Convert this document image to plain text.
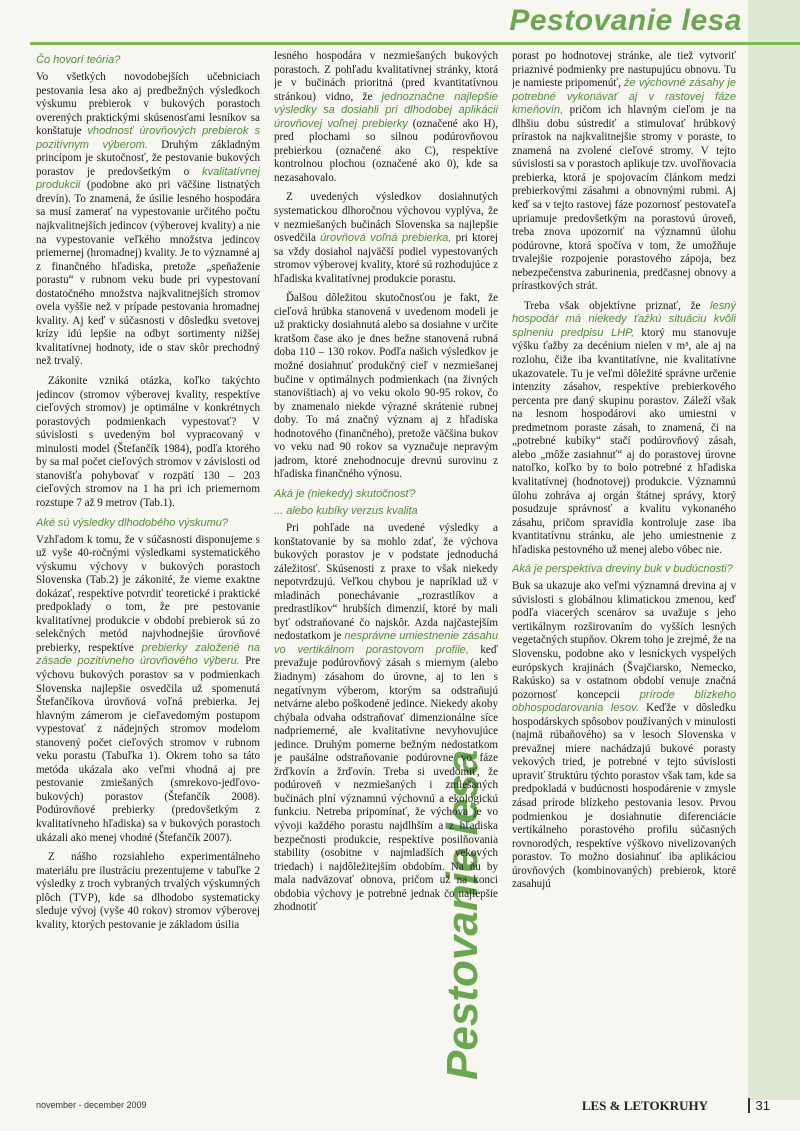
Pestovanie lesa
Pestovanie lesa
Čo hovorí teória?

Vo všetkých novodobejších učebniciach pestovania lesa ako aj predbežných výsledkoch výskumu prebierok v bukových porastoch overených praktickými skúsenosťami lesníkov sa konštatuje vhodnosť úrovňových prebierok s pozitívnym výberom. Druhým základným princípom je skutočnosť, že pestovanie bukových porastov je predovšetkým o kvalitatívnej produkcii (podobne ako pri väčšine listnatých drevín). To znamená, že úsilie lesného hospodára sa musí zamerať na vypestovanie určitého počtu najkvalitnejších jedincov (výberovej kvality) a nie na vypestovanie veľkého množstva jedincov priemernej (hromadnej) kvality. Je to významné aj z finančného hľadiska, pretože „speňaženie porastu“ v rubnom veku bude pri vypestovaní dostatočného množstva najkvalitnejších stromov ovela vyššie než v prípade pestovania hromadnej kvality. Aj keď v súčasnosti v dôsledku svetovej krízy idú lepšie na odbyt sortimenty nižšej kvalitatívnej hodnoty, ide o stav skôr prechodný než trvalý.

Zákonite vzniká otázka, koľko takýchto jedincov (stromov výberovej kvality, respektíve cieľových stromov) je optimálne v konkrétnych porastových podmienkach vypestovať? V súvislosti s uvedeným bol vypracovaný v minulosti model (Štefančík 1984), podľa ktorého by sa mal počet cieľových stromov v závislosti od stanovišťa pohybovať v rozpätí 130 – 203 cieľových stromov na 1 ha pri ich priemernom rozstupe 7 až 9 metrov (Tab.1).

Aké sú výsledky dlhodobého výskumu?

Vzhľadom k tomu, že v súčasnosti disponujeme s už vyše 40-ročnými výsledkami systematického výskumu výchovy v bukových porastoch Slovenska (Tab.2) je zákonité, že vieme exaktne dokázať, respektíve potvrdiť teoretické i praktické predpoklady o tom, že pre pestovanie kvalitatívnej produkcie v období prebierok sú zo selekčných metód najvhodnejšie úrovňové prebierky, respektíve prebierky založené na zásade pozitívneho úrovňového výberu. Pre výchovu bukových porastov sa v podmienkach Slovenska najlepšie osvedčila už spomenutá Štefančíkova úrovňová voľná prebierka. Jej hlavným zámerom je cieľavedomým postupom vypestovať z nádejných stromov modelom stanovený počet cieľových stromov v rubnom veku porastu (Tabuľka 1). Okrem toho sa táto metóda ukázala ako veľmi vhodná aj pre pestovanie zmiešaných (smrekovo-jedľovo-bukových) porastov (Štefančík 2008). Podúrovňové prebierky (predovšetkým z kvalitatívneho hľadiska) sa v bukových porastoch ukázali ako menej vhodné (Štefančík 2007).

Z nášho rozsiahleho experimentálneho materiálu pre ilustráciu prezentujeme v tabuľke 2 výsledky z troch vybraných trvalých výskumných plôch (TVP), kde sa dlhodobo systematicky sleduje vývoj (vyše 40 rokov) stromov výberovej kvality, ktorých pestovanie je základom úsilia

lesného hospodára v nezmiešaných bukových porastoch. Z pohľadu kvalitatívnej stránky, ktorá je v bučinách prioritná (pred kvantitatívnou stránkou) vidno, že jednoznačne najlepšie výsledky sa dosiahli pri dlhodobej aplikácii úrovňovej voľnej prebierky (označené ako H), pred plochami so silnou podúrovňovou prebierkou (označené ako C), respektíve kontrolnou plochou (označené ako 0), kde sa nezasahovalo.

Z uvedených výsledkov dosiahnutých systematickou dlhoročnou výchovou vyplýva, že v nezmiešaných bučinách Slovenska sa najlepšie osvedčila úrovňová voľná prebierka, pri ktorej sa vždy dosiahol najväčší podiel vypestovaných stromov výberovej kvality, ktoré sú rozhodujúce z hľadiska kvalitatívnej produkcie porastu.

Ďalšou dôležitou skutočnosťou je fakt, že cieľová hrúbka stanovená v uvedenom modeli je už prakticky dosiahnutá alebo sa dosiahne v určite kratšom čase ako je dnes bežne stanovená rubná doba 110 – 130 rokov. Podľa našich výsledkov je možné dosiahnuť produkčný cieľ v nezmiešanej bučine v optimálnych podmienkach (na živných stanovištiach) aj vo veku okolo 90-95 rokov, čo by znamenalo niekde výrazné skrátenie rubnej doby. To má značný význam aj z hľadiska hodnotového (finančného), pretože väčšina bukov vo veku nad 90 rokov sa vyznačuje nepravým jadrom, ktoré znehodnocuje drevnú surovinu z hľadiska finančného výnosu.

Aká je (niekedy) skutočnosť?
... alebo kubíky verzus kvalita

Pri pohľade na uvedené výsledky a konštatovanie by sa mohlo zdať, že výchova bukových porastov je v podstate jednoduchá záležitosť. Skúsenosti z praxe to však niekedy nepotvrdzujú. Veľkou chybou je napríklad už v mladinách ponechávanie „rozrastlíkov a predrastlíkov“ hrubších dimenzií, ktoré by mali byť odstraňované čo najskôr. Azda najčastejším nedostatkom je nesprávne umiestnenie zásahu vo vertikálnom porastovom profile, keď prevažuje podúrovňový zásah s miernym (alebo žiadnym) zásahom do úrovne, aj to len s negatívnym výberom, ktorým sa odstraňujú netvárne alebo poškodené jedince. Niekedy akoby chýbala odvaha odstraňovať dimenzionálne síce nadpriemerné, ale kvalitatívne nevyhovujúce jedince. Druhým pomerne bežným nedostatkom je paušálne odstraňovanie podúrovne vo fáze žrďkovín a žrďovín. Treba si uvedomiť, že podúroveň v nezmiešaných i zmiešaných bučinách plní významnú výchovnú a ekologickú funkciu. Netreba pripomínať, že výchova je vo vývoji každého porastu najdlhším a z hľadiska bezpečnosti produkcie, respektíve posilňovania stability (osobitne v najmladších vekových triedach) i najdôležitejším obdobím. Na ňu by mala nadväzovať obnova, pričom už na konci obdobia výchovy je potrebné jednak čo najlepšie zhodnotiť

porast po hodnotovej stránke, ale tiež vytvoriť priaznivé podmienky pre nastupujúcu obnovu. Tu je namieste pripomenúť, že výchovné zásahy je potrebné vykonávať aj v rastovej fáze kmeňovín, pričom ich hlavným cieľom je na dlhšiu dobu sústrediť a stimulovať hrúbkový prírastok na najkvalitnejšie stromy v poraste, to znamená na zvolené cieľové stromy. V tejto súvislosti sa v porastoch aplikuje tzv. uvoľňovacia prebierka, ktorá je spojovacím článkom medzi prebierkovými zásahmi a obnovnými rubmi. Aj keď sa v tejto rastovej fáze pozornosť pestovateľa upriamuje predovšetkým na porastovú úroveň, treba znova upozorniť na významnú úlohu podúrovne, ktorá spočíva v tom, že umožňuje trvalejšie rozpojenie porastového zápoja, bez nebezpečenstva zaburinenia, predčasnej obnovy a prírastkových strát.

Treba však objektívne priznať, že lesný hospodár má niekedy ťažkú situáciu kvôli splneniu predpisu LHP, ktorý mu stanovuje výšku ťažby za decénium nielen v m³, ale aj na rozlohu, čiže iba kvantitatívne, nie kvalitatívne ukazovatele. Tu je veľmi dôležité správne určenie intenzity zásahov, respektíve prebierkového percenta pre daný skupinu porastov. Záleží však na lesnom hospodárovi ako umiestni v predmetnom poraste zásah, to znamená, či na „potrebné kubíky“ stačí podúrovňový zásah, alebo „môže zasiahnuť“ aj do porastovej úrovne natoľko, koľko by to bolo potrebné z hľadiska kvalitatívnej (hodnotovej) produkcie. Významnú úlohu zohráva aj orgán štátnej správy, ktorý posudzuje správnosť a kvalitu vykonaného zásahu, pričom spravidla kontroluje zase iba kvantitatívnu stránku, ale jeho umiestnenie z hľadiska pestovného už menej alebo vôbec nie.

Aká je perspektíva dreviny buk v budúcnosti?

Buk sa ukazuje ako veľmi významná drevina aj v súvislosti s globálnou klimatickou zmenou, keď podľa viacerých scenárov sa uvažuje s jeho vertikálnym rozširovaním do vyšších lesných vegetačných stupňov. Okrem toho je zrejmé, že na Slovensku, podobne ako v lesníckych vyspelých európskych krajinách (Švajčiarsko, Nemecko, Rakúsko) sa v ostatnom období venuje značná pozornosť koncepcii prírode blízkeho obhospodarovania lesov. Keďže v dôsledku hospodárskych spôsobov používaných v minulosti (najmä rúbaňového) sa v lesoch Slovenska v prevažnej miere nachádzajú bukové porasty vekových tried, je potrebné v tejto súvislosti upraviť štruktúru týchto porastov však tam, kde sa predpokladá v budúcnosti hospodárenie v zmysle zásad prírode blízkeho pestovania lesov. Prvou podmienkou je dosiahnutie diferenciácie vertikálneho porastového profilu súčasných rovnorodých, respektíve výškovo nivelizovaných porastov. To možno dosiahnuť iba aplikáciou úrovňových (kombinovaných) prebierok, ktoré zasahujú

november - december 2009	LES & LETOKRUHY	31
